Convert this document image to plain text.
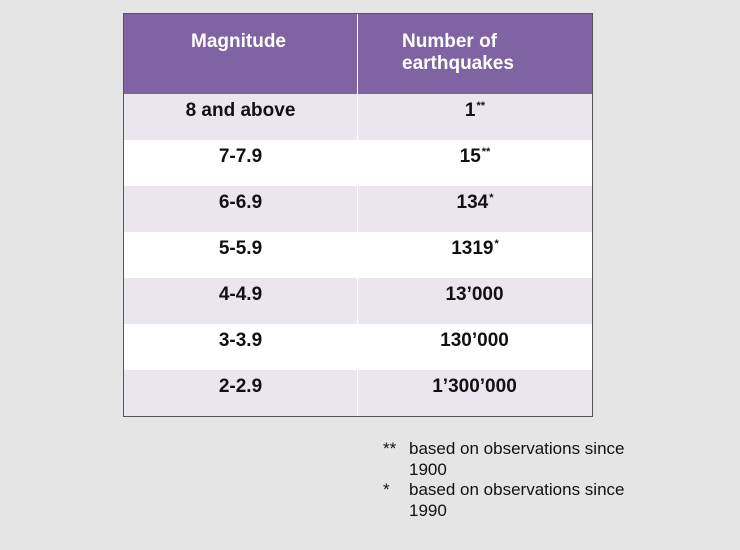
Magnitude	Number of earthquakes
8 and above	1**
7-7.9	15**
6-6.9	134*
5-5.9	1319*
4-4.9	13’000
3-3.9	130’000
2-2.9	1’300’000
** based on observations since 1900
*	based on observations since 1990
